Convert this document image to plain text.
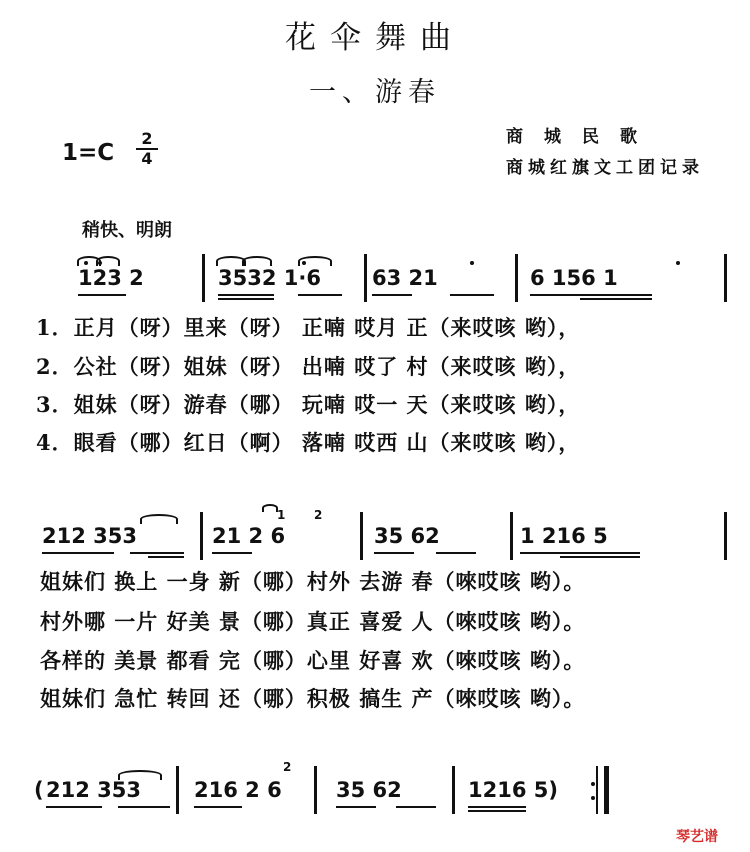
花伞舞曲
一、游春
$1=C \frac{2}{4}$	商城民歌
商城红旗文工团记录
稍快、明朗
123 2	3532 1·6 63 21	6 156 1
1．正月（呀）里来（呀） 正喃 哎月 正（来哎咳 哟），
2．公社（呀）姐妹（呀） 出喃 哎了 村（来哎咳 哟），
3．姐妹（呀）游春（哪） 玩喃 哎一 天（来哎咳 哟），
4．眼看（哪）红日（啊） 落喃 哎西 山（来哎咳 哟），
212 353	21 2 6	35 62	1 216 5
1 2
姐妹们 换上 一身 新（哪）村外 去游 春（唻哎咳 哟）。
村外哪 一片 好美 景（哪）真正 喜爱 人（唻哎咳 哟）。
各样的 美景 都看 完（哪）心里 好喜 欢（唻哎咳 哟）。
姐妹们 急忙 转回 还（哪）积极 搞生 产（唻哎咳 哟）。
( 212 353	216 2 6	35 62	1216 5)
2
琴艺谱
